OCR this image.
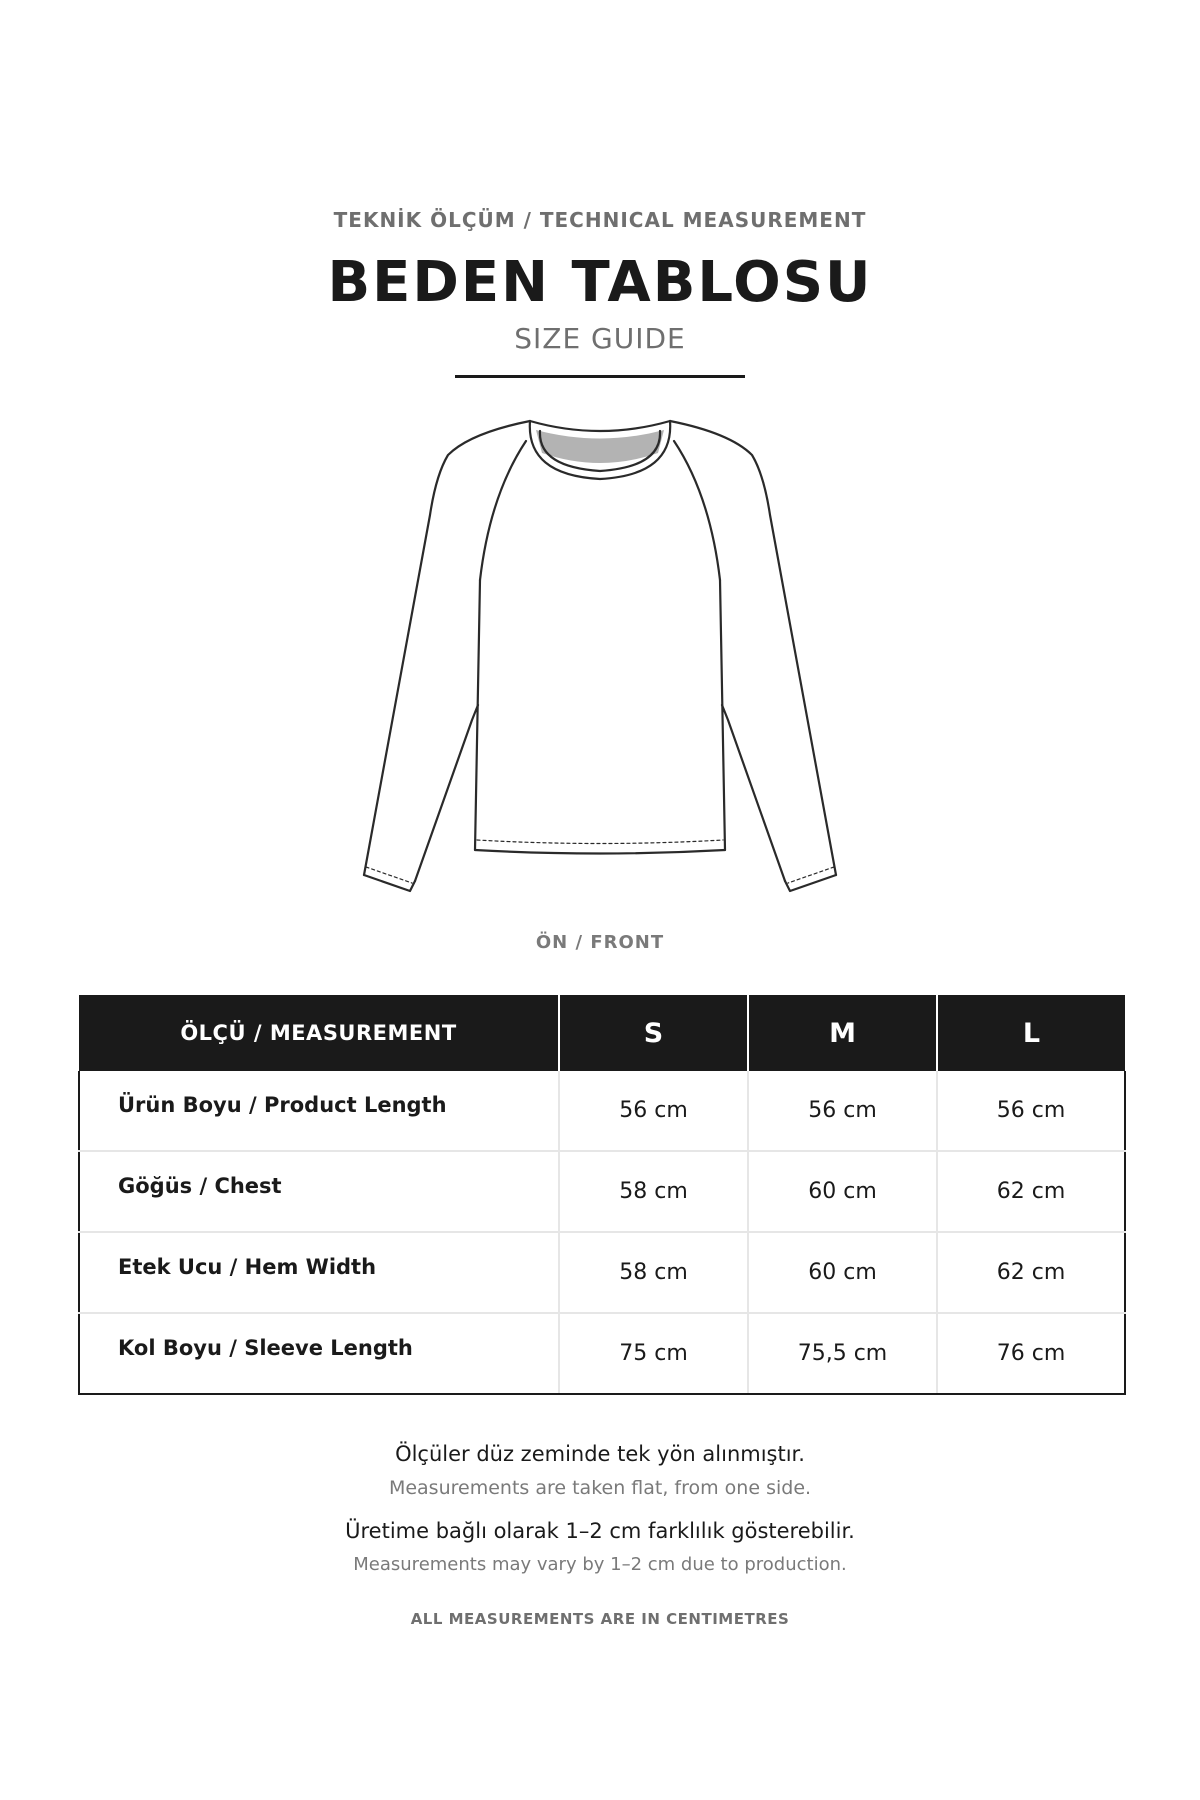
TEKNİK ÖLÇÜM / TECHNICAL MEASUREMENT
BEDEN TABLOSU
SIZE GUIDE
ÖN / FRONT
ÖLÇÜ / MEASUREMENT	S	M	L
Ürün Boyu / Product Length	56 cm	56 cm	56 cm
Göğüs / Chest	58 cm	60 cm	62 cm
Etek Ucu / Hem Width	58 cm	60 cm	62 cm
Kol Boyu / Sleeve Length	75 cm	75,5 cm	76 cm
Ölçüler düz zeminde tek yön alınmıştır.
Measurements are taken flat, from one side.
Üretime bağlı olarak 1–2 cm farklılık gösterebilir.
Measurements may vary by 1–2 cm due to production.
ALL MEASUREMENTS ARE IN CENTIMETRES
